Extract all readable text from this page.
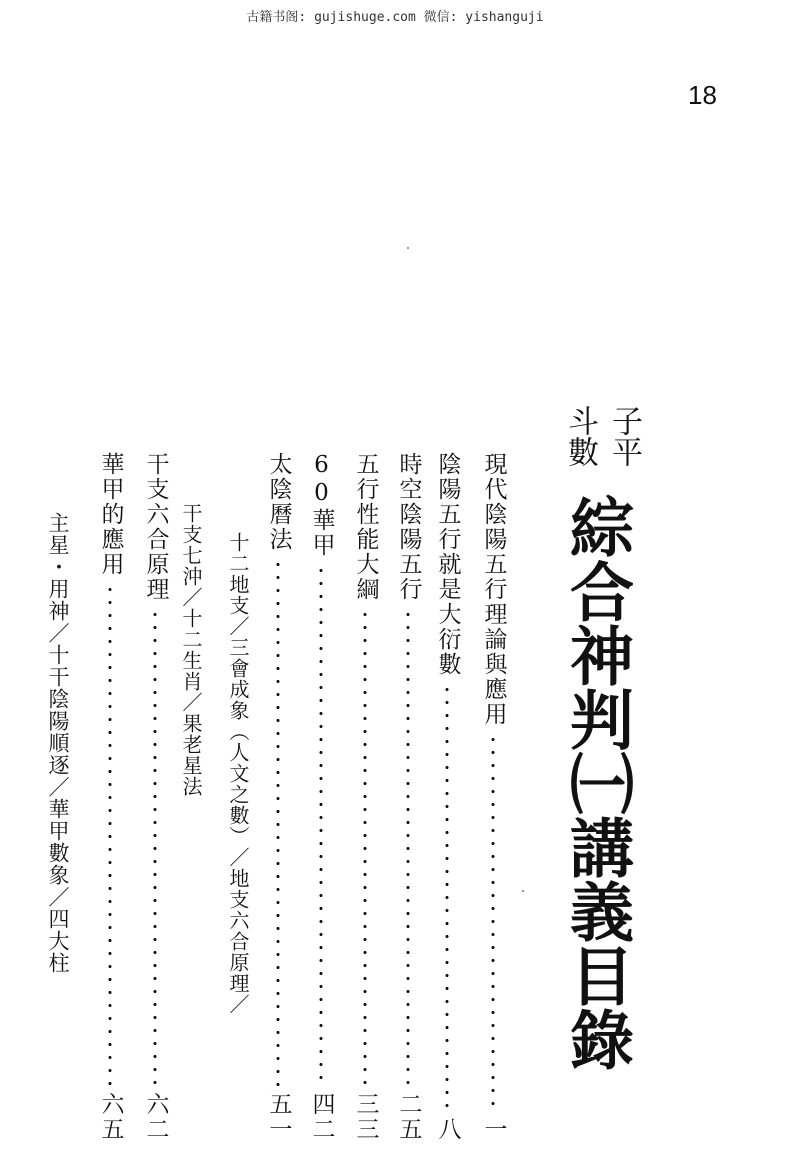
古籍书阁: gujishuge.com 微信: yishanguji
18
子平
斗數
綜合神判㈠講義目錄
現代陰陽五行理論與應用
一
陰陽五行就是大衍數
八
時空陰陽五行
二五
五行性能大綱
三三
60華甲
四二
太陰曆法
五一
十二地支／三會成象︵人文之數︶／地支六合原理／
干支七沖／十二生肖／果老星法
干支六合原理
六二
華甲的應用
六五
主星・用神／十干陰陽順逐／華甲數象／四大柱
